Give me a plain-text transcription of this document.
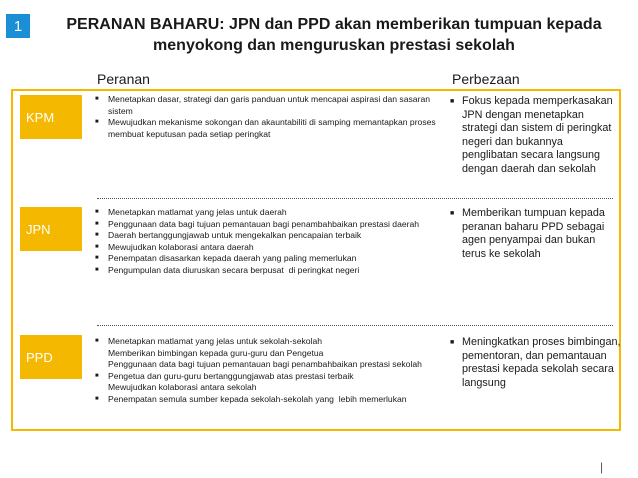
1	PERANAN BAHARU: JPN dan PPD akan memberikan tumpuan kepada menyokong dan menguruskan prestasi sekolah
Peranan	Perbezaan
KPM
■ Menetapkan dasar, strategi dan garis panduan untuk mencapai aspirasi dan sasaran sistem
■ Mewujudkan mekanisme sokongan dan akauntabiliti di samping memantapkan proses membuat keputusan pada setiap peringkat
■ Fokus kepada memperkasakan JPN dengan menetapkan strategi dan sistem di peringkat negeri dan bukannya penglibatan secara langsung dengan daerah dan sekolah
JPN
■ Menetapkan matlamat yang jelas untuk daerah
■ Penggunaan data bagi tujuan pemantauan bagi penambahbaikan prestasi daerah
■ Daerah bertanggungjawab untuk mengekalkan pencapaian terbaik
■ Mewujudkan kolaborasi antara daerah
■ Penempatan disasarkan kepada daerah yang paling memerlukan
■ Pengumpulan data diuruskan secara berpusat  di peringkat negeri
■ Memberikan tumpuan kepada peranan baharu PPD sebagai agen penyampai dan bukan terus ke sekolah
PPD
■ Menetapkan matlamat yang jelas untuk sekolah-sekolah
Memberikan bimbingan kepada guru-guru dan Pengetua
Penggunaan data bagi tujuan pemantauan bagi penambahbaikan prestasi sekolah
■ Pengetua dan guru-guru bertanggungjawab atas prestasi terbaik
Mewujudkan kolaborasi antara sekolah
■ Penempatan semula sumber kepada sekolah-sekolah yang  lebih memerlukan
■ Meningkatkan proses bimbingan, pementoran, dan pemantauan prestasi kepada sekolah secara langsung
|
